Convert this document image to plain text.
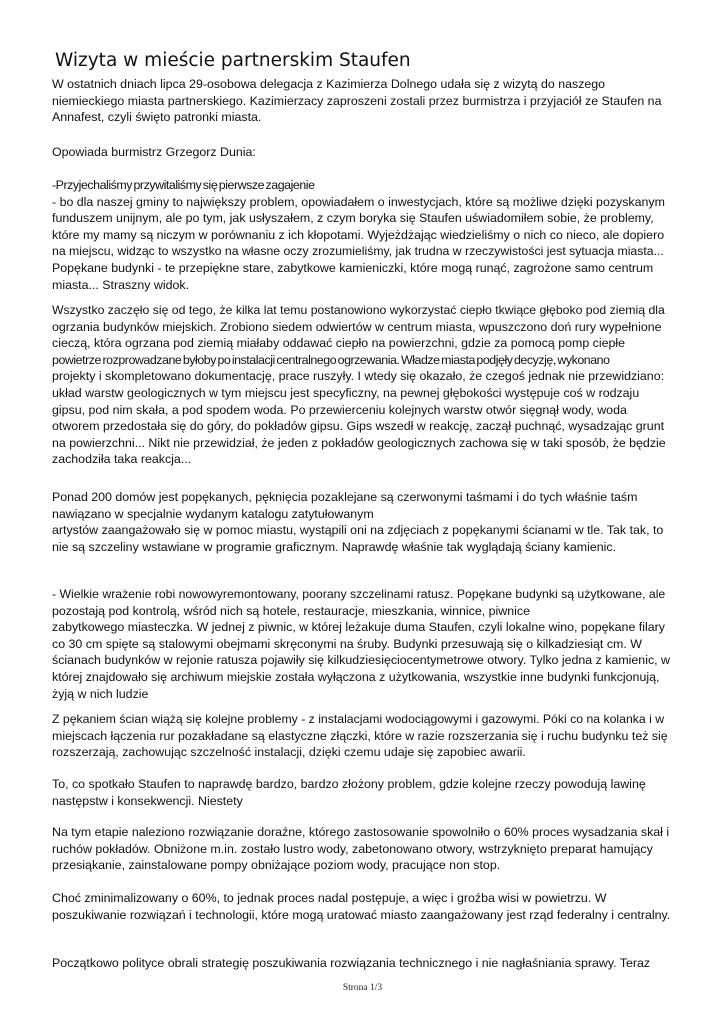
Wizyta w mieście partnerskim Staufen
W ostatnich dniach lipca 29-osobowa delegacja z Kazimierza Dolnego udała się z wizytą do naszego
niemieckiego miasta partnerskiego. Kazimierzacy zaproszeni zostali przez burmistrza i przyjaciół ze Staufen na
Annafest, czyli święto patronki miasta.
Opowiada burmistrz Grzegorz Dunia:
-Przyjechaliśmy przywitaliśmy się pierwsze zagajenie
- bo dla naszej gminy to największy problem, opowiadałem o inwestycjach, które są możliwe dzięki pozyskanym
funduszem unijnym, ale po tym, jak usłyszałem, z czym boryka się Staufen uświadomiłem sobie, że problemy,
które my mamy są niczym w porównaniu z ich kłopotami. Wyjeżdżając wiedzieliśmy o nich co nieco, ale dopiero
na miejscu, widząc to wszystko na własne oczy zrozumieliśmy, jak trudna w rzeczywistości jest sytuacja miasta...
Popękane budynki - te przepiękne stare, zabytkowe kamieniczki, które mogą runąć, zagrożone samo centrum
miasta... Straszny widok.
Wszystko zaczęło się od tego, że kilka lat temu postanowiono wykorzystać ciepło tkwiące głęboko pod ziemią dla
ogrzania budynków miejskich. Zrobiono siedem odwiertów w centrum miasta, wpuszczono doń rury wypełnione
cieczą, która ogrzana pod ziemią miałaby oddawać ciepło na powierzchni, gdzie za pomocą pomp ciepłe
powietrze rozprowadzane byłoby po instalacji centralnego ogrzewania. Władze miasta podjęły decyzję, wykonano
projekty i skompletowano dokumentację, prace ruszyły. I wtedy się okazało, że czegoś jednak nie przewidziano:
układ warstw geologicznych w tym miejscu jest specyficzny, na pewnej głębokości występuje coś w rodzaju
gipsu, pod nim skała, a pod spodem woda. Po przewierceniu kolejnych warstw otwór sięgnął wody, woda
otworem przedostała się do góry, do pokładów gipsu. Gips wszedł w reakcję, zaczął puchnąć, wysadzając grunt
na powierzchni... Nikt nie przewidział, że jeden z pokładów geologicznych zachowa się w taki sposób, że będzie
zachodziła taka reakcja...
Ponad 200 domów jest popękanych, pęknięcia pozaklejane są czerwonymi taśmami i do tych właśnie taśm
nawiązano w specjalnie wydanym katalogu zatytułowanym
artystów zaangażowało się w pomoc miastu, wystąpili oni na zdjęciach z popękanymi ścianami w tle. Tak tak, to
nie są szczeliny wstawiane w programie graficznym. Naprawdę właśnie tak wyglądają ściany kamienic.
- Wielkie wrażenie robi nowowyremontowany, poorany szczelinami ratusz. Popękane budynki są użytkowane, ale
pozostają pod kontrolą, wśród nich są hotele, restauracje, mieszkania, winnice, piwnice
zabytkowego miasteczka. W jednej z piwnic, w której leżakuje duma Staufen, czyli lokalne wino, popękane filary
co 30 cm spięte są stalowymi obejmami skręconymi na śruby. Budynki przesuwają się o kilkadziesiąt cm. W
ścianach budynków w rejonie ratusza pojawiły się kilkudziesięciocentymetrowe otwory. Tylko jedna z kamienic, w
której znajdowało się archiwum miejskie została wyłączona z użytkowania, wszystkie inne budynki funkcjonują,
żyją w nich ludzie
Z pękaniem ścian wiążą się kolejne problemy - z instalacjami wodociągowymi i gazowymi. Póki co na kolanka i w
miejscach łączenia rur pozakładane są elastyczne złączki, które w razie rozszerzania się i ruchu budynku też się
rozszerzają, zachowując szczelność instalacji, dzięki czemu udaje się zapobiec awarii.
To, co spotkało Staufen to naprawdę bardzo, bardzo złożony problem, gdzie kolejne rzeczy powodują lawinę
następstw i konsekwencji. Niestety
Na tym etapie naleziono rozwiązanie doraźne, którego zastosowanie spowolniło o 60% proces wysadzania skał i
ruchów pokładów. Obniżone m.in. zostało lustro wody, zabetonowano otwory, wstrzyknięto preparat hamujący
przesiąkanie, zainstalowane pompy obniżające poziom wody, pracujące non stop.
Choć zminimalizowany o 60%, to jednak proces nadal postępuje, a więc i groźba wisi w powietrzu. W
poszukiwanie rozwiązań i technologii, które mogą uratować miasto zaangażowany jest rząd federalny i centralny.
Początkowo polityce obrali strategię poszukiwania rozwiązania technicznego i nie nagłaśniania sprawy. Teraz
Strona 1/3
